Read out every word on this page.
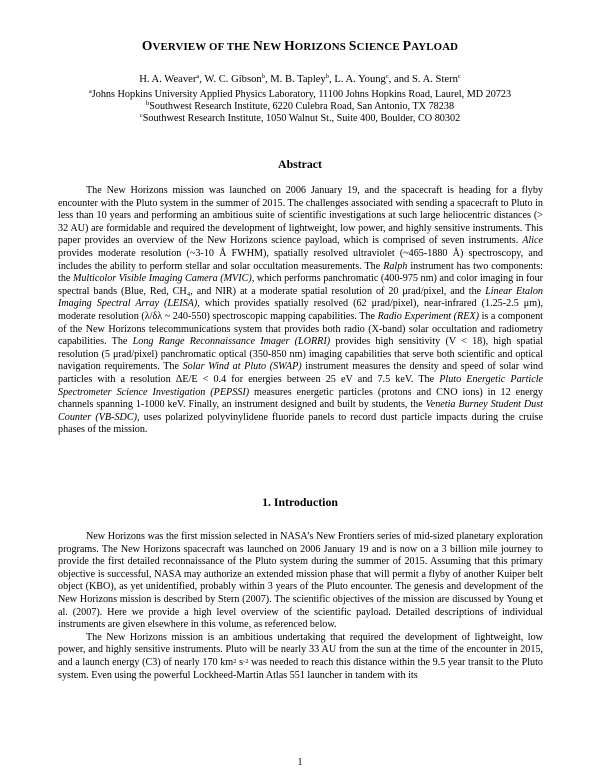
OVERVIEW OF THE NEW HORIZONS SCIENCE PAYLOAD
H. A. Weaver$^a$, W. C. Gibson$^b$, M. B. Tapley$^b$, L. A. Young$^c$, and S. A. Stern$^c$
$^a$Johns Hopkins University Applied Physics Laboratory, 11100 Johns Hopkins Road, Laurel, MD 20723
$^b$Southwest Research Institute, 6220 Culebra Road, San Antonio, TX 78238
$^c$Southwest Research Institute, 1050 Walnut St., Suite 400, Boulder, CO 80302
Abstract

The New Horizons mission was launched on 2006 January 19, and the spacecraft is heading for a flyby encounter with the Pluto system in the summer of 2015. The challenges associated with sending a spacecraft to Pluto in less than 10 years and performing an ambitious suite of scientific investigations at such large heliocentric distances (> 32 AU) are formidable and required the development of lightweight, low power, and highly sensitive instruments. This paper provides an overview of the New Horizons science payload, which is comprised of seven instruments. Alice provides moderate resolution (~3-10 Å FWHM), spatially resolved ultraviolet (~465-1880 Å) spectroscopy, and includes the ability to perform stellar and solar occultation measurements. The Ralph instrument has two components: the Multicolor Visible Imaging Camera (MVIC), which performs panchromatic (400-975 nm) and color imaging in four spectral bands (Blue, Red, CH₄, and NIR) at a moderate spatial resolution of 20 μrad/pixel, and the Linear Etalon Imaging Spectral Array (LEISA), which provides spatially resolved (62 μrad/pixel), near-infrared (1.25-2.5 μm), moderate resolution (λ/δλ ~ 240-550) spectroscopic mapping capabilities. The Radio Experiment (REX) is a component of the New Horizons telecommunications system that provides both radio (X-band) solar occultation and radiometry capabilities. The Long Range Reconnaissance Imager (LORRI) provides high sensitivity (V < 18), high spatial resolution (5 μrad/pixel) panchromatic optical (350-850 nm) imaging capabilities that serve both scientific and optical navigation requirements. The Solar Wind at Pluto (SWAP) instrument measures the density and speed of solar wind particles with a resolution ΔE/E < 0.4 for energies between 25 eV and 7.5 keV. The Pluto Energetic Particle Spectrometer Science Investigation (PEPSSI) measures energetic particles (protons and CNO ions) in 12 energy channels spanning 1-1000 keV. Finally, an instrument designed and built by students, the Venetia Burney Student Dust Counter (VB-SDC), uses polarized polyvinylidene fluoride panels to record dust particle impacts during the cruise phases of the mission.

1. Introduction

New Horizons was the first mission selected in NASA’s New Frontiers series of mid-sized planetary exploration programs. The New Horizons spacecraft was launched on 2006 January 19 and is now on a 3 billion mile journey to provide the first detailed reconnaissance of the Pluto system during the summer of 2015. Assuming that this primary objective is successful, NASA may authorize an extended mission phase that will permit a flyby of another Kuiper belt object (KBO), as yet unidentified, probably within 3 years of the Pluto encounter. The genesis and development of the New Horizons mission is described by Stern (2007). The scientific objectives of the mission are discussed by Young et al. (2007). Here we provide a high level overview of the scientific payload. Detailed descriptions of individual instruments are given elsewhere in this volume, as referenced below.

The New Horizons mission is an ambitious undertaking that required the development of lightweight, low power, and highly sensitive instruments. Pluto will be nearly 33 AU from the sun at the time of the encounter in 2015, and a launch energy (C3) of nearly 170 $km^2$ $s^{-2}$ was needed to reach this distance within the 9.5 year transit to the Pluto system. Even using the powerful Lockheed-Martin Atlas 551 launcher in tandem with its

1
